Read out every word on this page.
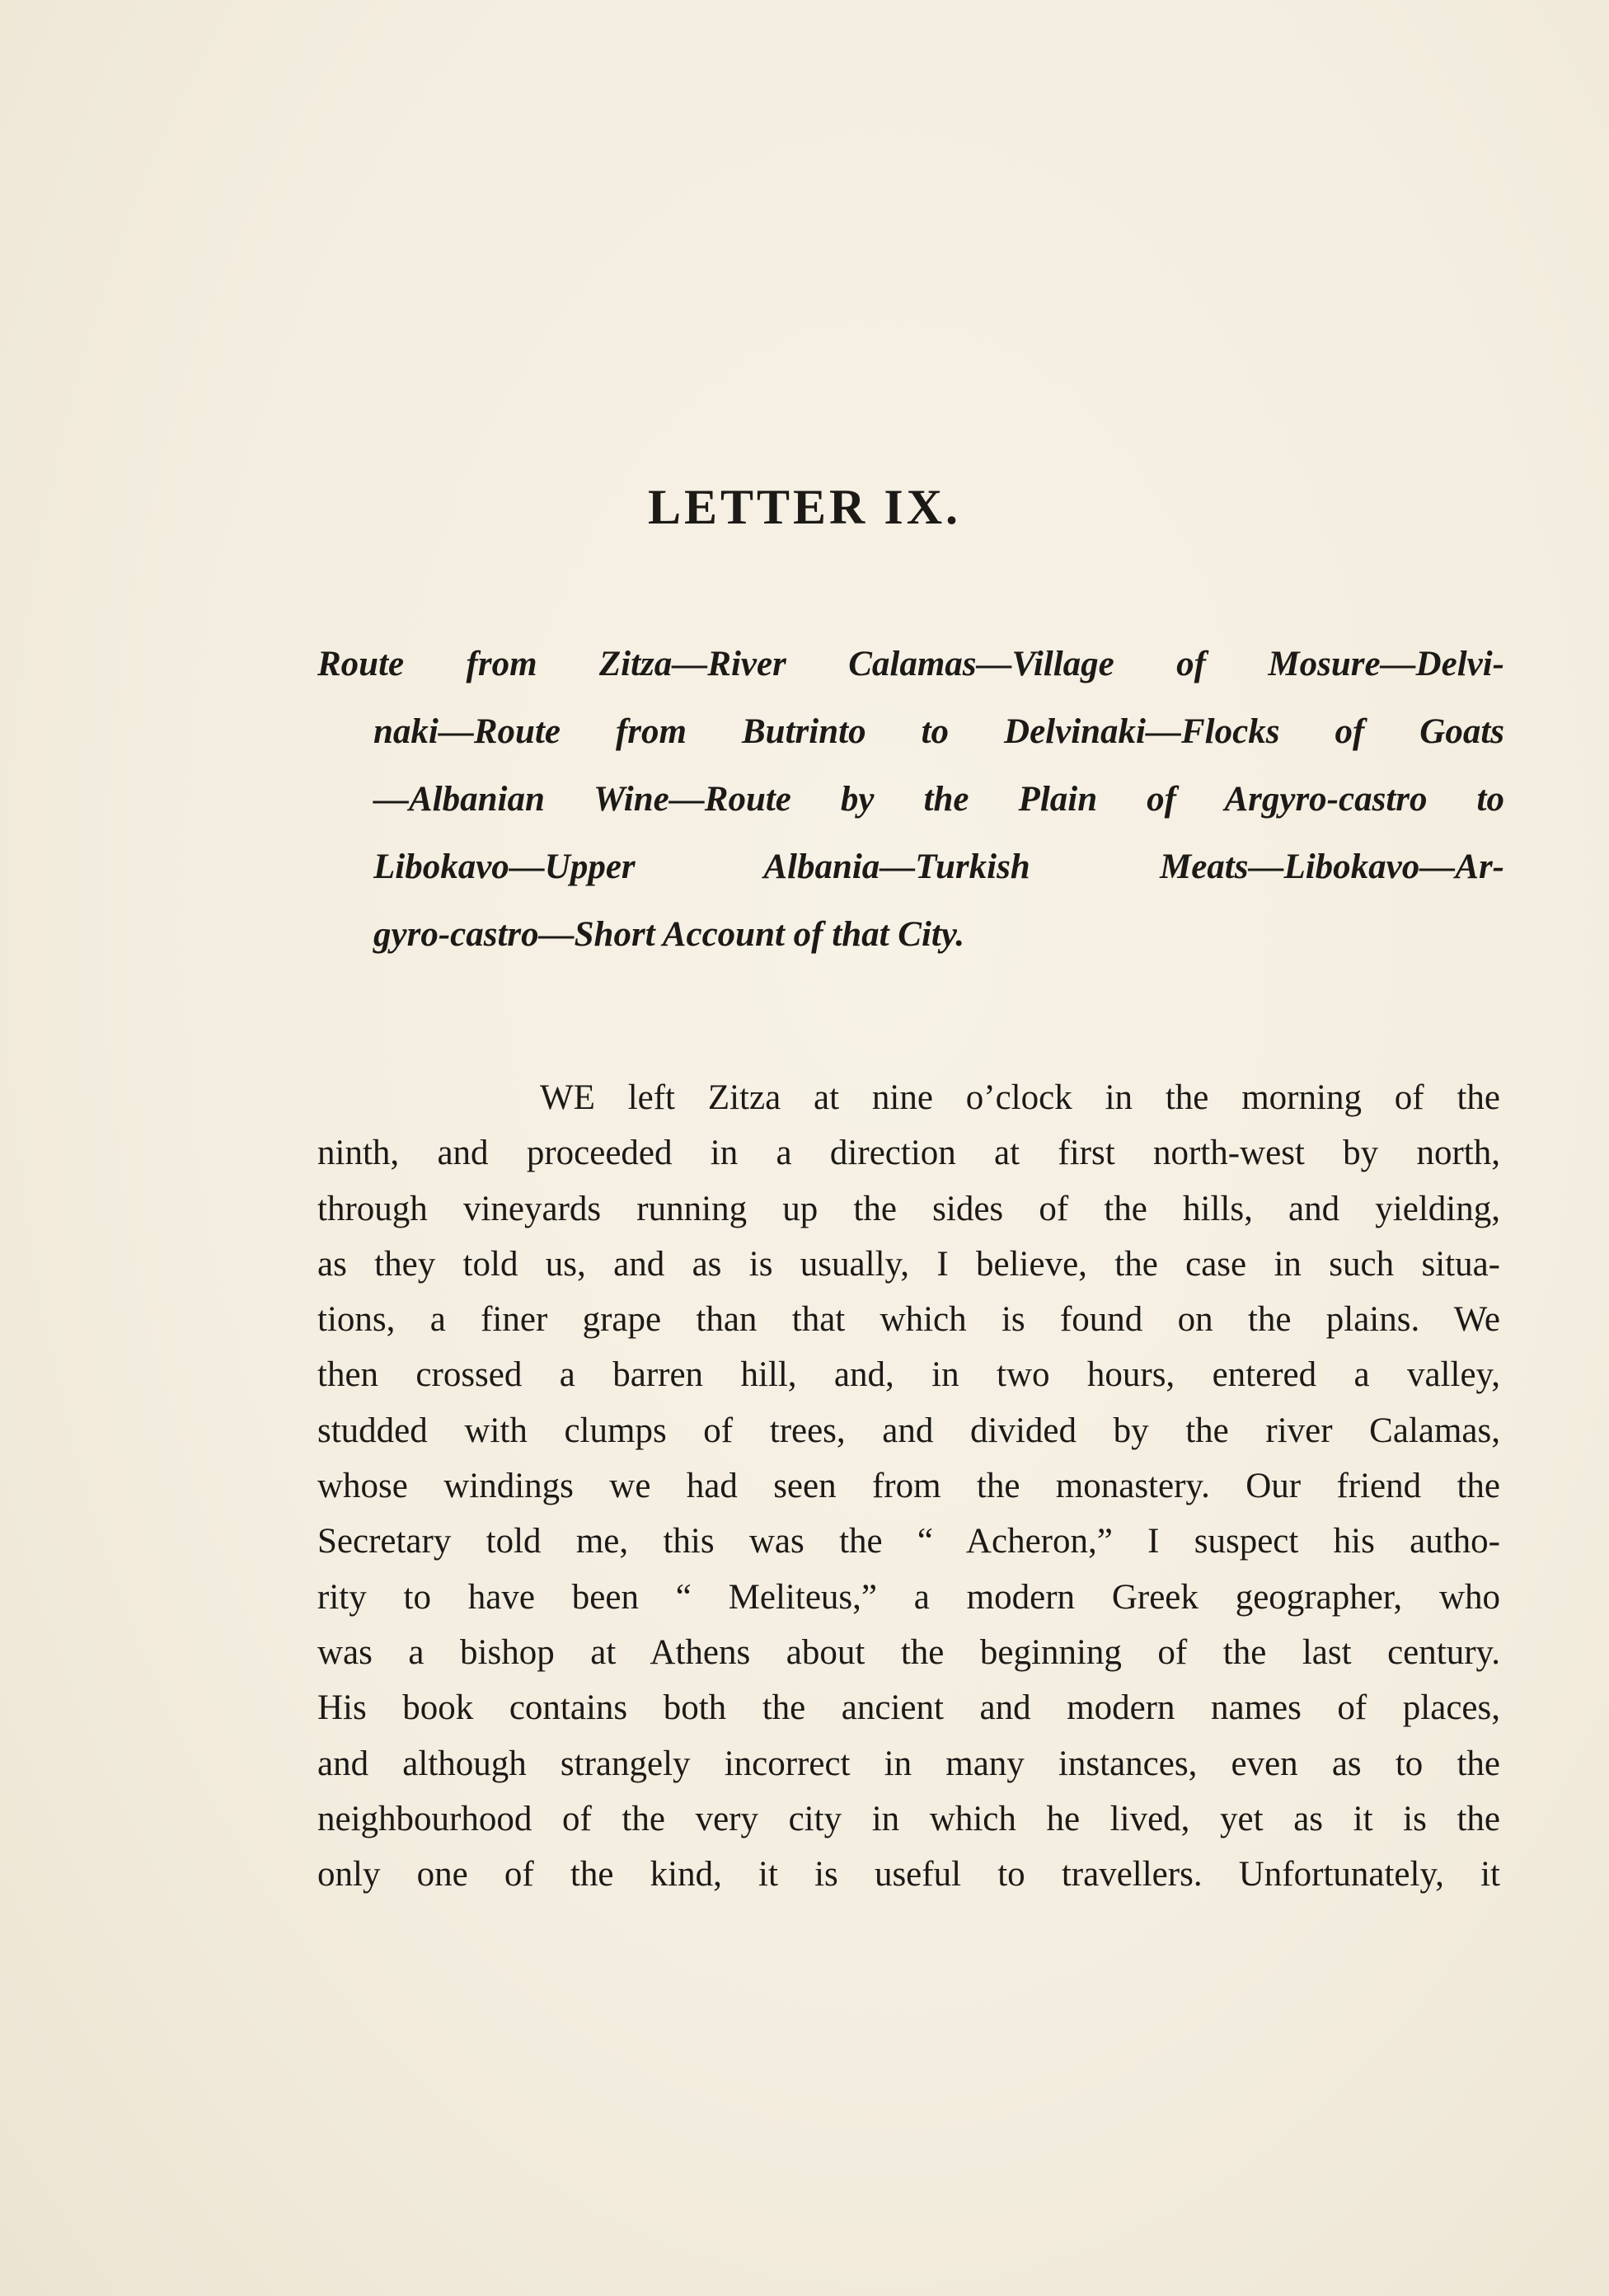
LETTER IX.
Route from Zitza—River Calamas—Village of Mosure—Delvi-
naki—Route from Butrinto to Delvinaki—Flocks of Goats
—Albanian Wine—Route by the Plain of Argyro-castro to
Libokavo—Upper Albania—Turkish Meats—Libokavo—Ar-
gyro-castro—Short Account of that City.
WE left Zitza at nine o’clock in the morning of the
ninth, and proceeded in a direction at first north-west by north,
through vineyards running up the sides of the hills, and yielding,
as they told us, and as is usually, I believe, the case in such situa-
tions, a finer grape than that which is found on the plains. We
then crossed a barren hill, and, in two hours, entered a valley,
studded with clumps of trees, and divided by the river Calamas,
whose windings we had seen from the monastery. Our friend the
Secretary told me, this was the “ Acheron,” I suspect his autho-
rity to have been “ Meliteus,” a modern Greek geographer, who
was a bishop at Athens about the beginning of the last century.
His book contains both the ancient and modern names of places,
and although strangely incorrect in many instances, even as to the
neighbourhood of the very city in which he lived, yet as it is the
only one of the kind, it is useful to travellers. Unfortunately, it
